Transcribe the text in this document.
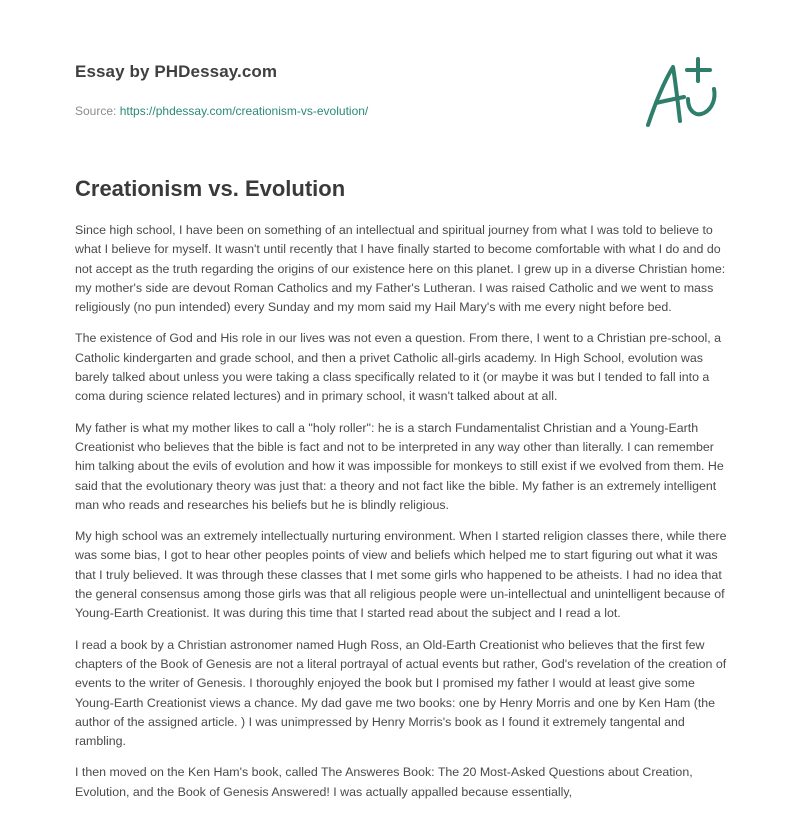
Essay by PHDessay.com
Source: https://phdessay.com/creationism-vs-evolution/
Creationism vs. Evolution

Since high school, I have been on something of an intellectual and spiritual journey from what I was told to believe to what I believe for myself. It wasn't until recently that I have finally started to become comfortable with what I do and do not accept as the truth regarding the origins of our existence here on this planet. I grew up in a diverse Christian home: my mother's side are devout Roman Catholics and my Father's Lutheran. I was raised Catholic and we went to mass religiously (no pun intended) every Sunday and my mom said my Hail Mary's with me every night before bed.

The existence of God and His role in our lives was not even a question. From there, I went to a Christian pre-school, a Catholic kindergarten and grade school, and then a privet Catholic all-girls academy. In High School, evolution was barely talked about unless you were taking a class specifically related to it (or maybe it was but I tended to fall into a coma during science related lectures) and in primary school, it wasn't talked about at all.

My father is what my mother likes to call a "holy roller": he is a starch Fundamentalist Christian and a Young-Earth Creationist who believes that the bible is fact and not to be interpreted in any way other than literally. I can remember him talking about the evils of evolution and how it was impossible for monkeys to still exist if we evolved from them. He said that the evolutionary theory was just that: a theory and not fact like the bible. My father is an extremely intelligent man who reads and researches his beliefs but he is blindly religious.

My high school was an extremely intellectually nurturing environment. When I started religion classes there, while there was some bias, I got to hear other peoples points of view and beliefs which helped me to start figuring out what it was that I truly believed. It was through these classes that I met some girls who happened to be atheists. I had no idea that the general consensus among those girls was that all religious people were un-intellectual and unintelligent because of Young-Earth Creationist. It was during this time that I started read about the subject and I read a lot.

I read a book by a Christian astronomer named Hugh Ross, an Old-Earth Creationist who believes that the first few chapters of the Book of Genesis are not a literal portrayal of actual events but rather, God's revelation of the creation of events to the writer of Genesis. I thoroughly enjoyed the book but I promised my father I would at least give some Young-Earth Creationist views a chance. My dad gave me two books: one by Henry Morris and one by Ken Ham (the author of the assigned article. ) I was unimpressed by Henry Morris's book as I found it extremely tangental and rambling.

I then moved on the Ken Ham's book, called The Answeres Book: The 20 Most-Asked Questions about Creation, Evolution, and the Book of Genesis Answered! I was actually appalled because essentially,
